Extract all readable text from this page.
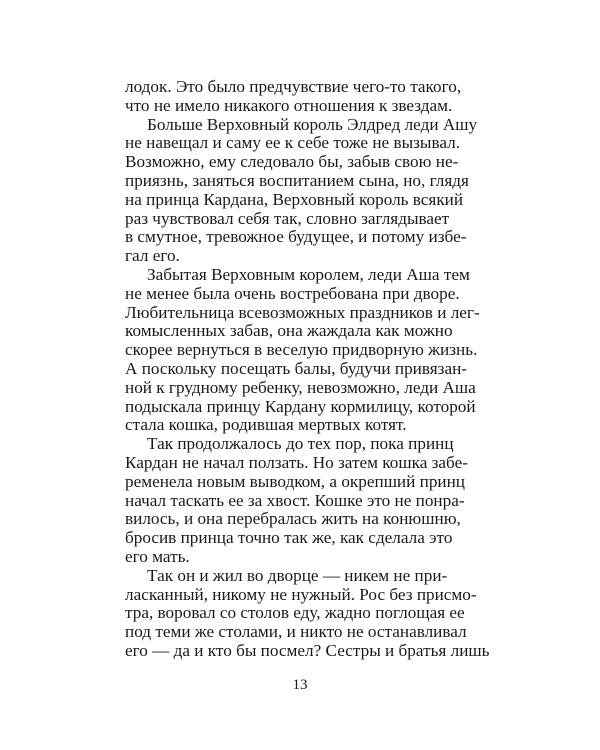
лодок. Это было предчувствие чего-то такого,
что не имело никакого отношения к звездам.
Больше Верховный король Элдред леди Ашу
не навещал и саму ее к себе тоже не вызывал.
Возможно, ему следовало бы, забыв свою не-
приязнь, заняться воспитанием сына, но, глядя
на принца Кардана, Верховный король всякий
раз чувствовал себя так, словно заглядывает
в смутное, тревожное будущее, и потому избе-
гал его.
Забытая Верховным королем, леди Аша тем
не менее была очень востребована при дворе.
Любительница всевозможных праздников и лег-
комысленных забав, она жаждала как можно
скорее вернуться в веселую придворную жизнь.
А поскольку посещать балы, будучи привязан-
ной к грудному ребенку, невозможно, леди Аша
подыскала принцу Кардану кормилицу, которой
стала кошка, родившая мертвых котят.
Так продолжалось до тех пор, пока принц
Кардан не начал ползать. Но затем кошка забе-
ременела новым выводком, а окрепший принц
начал таскать ее за хвост. Кошке это не понра-
вилось, и она перебралась жить на конюшню,
бросив принца точно так же, как сделала это
его мать.
Так он и жил во дворце — никем не при-
ласканный, никому не нужный. Рос без присмо-
тра, воровал со столов еду, жадно поглощая ее
под теми же столами, и никто не останавливал
его — да и кто бы посмел? Сестры и братья лишь
13
